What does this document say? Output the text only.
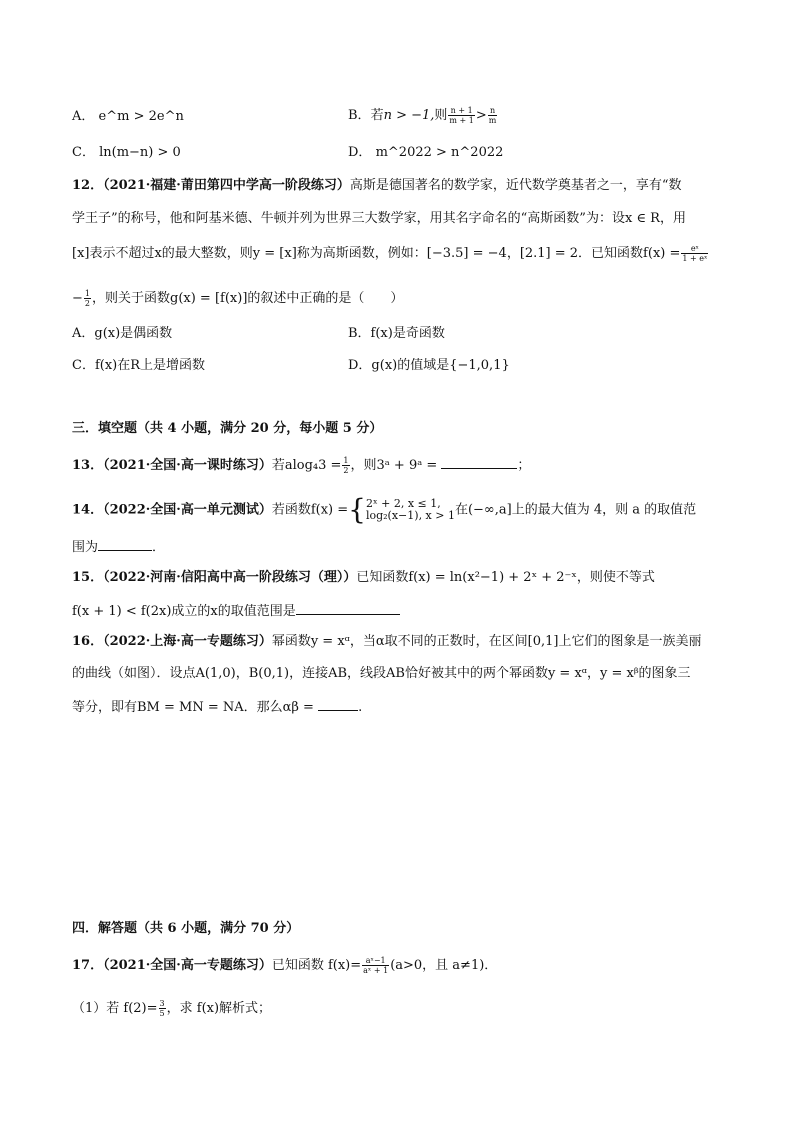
A． e^m > 2e^n	B．若n > −1,则 $\frac{n + 1}{m + 1} > \frac{n}{m}$
C． ln(m−n) > 0	D． m^2022 > n^2022
12．（2021·福建·莆田第四中学高一阶段练习）高斯是德国著名的数学家，近代数学奠基者之一，享有“数
学王子”的称号，他和阿基米德、牛顿并列为世界三大数学家，用其名字命名的“高斯函数”为：设x ∈ R，用
[x]表示不超过x的最大整数，则y = [x]称为高斯函数，例如：[−3.5] = −4，[2.1] = 2．已知函数$f(x) = \frac{\text{eˣ}}{\text{1 + eˣ}}$
− $\frac{1}{2}$ ，则关于函数g(x) = [f(x)]的叙述中正确的是（　　）
A．g(x)是偶函数	B．f(x)是奇函数
C．f(x)在R上是增函数	D．g(x)的值域是{−1,0,1}
三．填空题（共 4 小题，满分 20 分，每小题 5 分）
13．（2021·全国·高一课时练习）若$alog_43 = \frac{1}{2}$ ，则3ᵃ + 9ᵃ =	；
14．（2022·全国·高一单元测试）若函数f(x) ={ 2ˣ + 2, x ≤ 1,
log₂(x−1), x > 1 在(−∞,a]上的最大值为 4，则 a 的取值范
围为	．
15．（2022·河南·信阳高中高一阶段练习（理））已知函数f(x) = ln(x²−1) + 2ˣ + 2⁻ˣ，则使不等式
f(x + 1) < f(2x)成立的x的取值范围是
16．（2022·上海·高一专题练习）幂函数y = xᵅ，当α取不同的正数时，在区间[0,1]上它们的图象是一族美丽
的曲线（如图）．设点A(1,0)，B(0,1)，连接AB，线段AB恰好被其中的两个幂函数y = xᵅ，y = xᵝ的图象三
等分，即有BM = MN = NA．那么αβ =	.
四．解答题（共 6 小题，满分 70 分）
17．（2021·全国·高一专题练习）已知函数 $f(x)= \frac{\text{aˣ−1}}{\text{aˣ + 1}} (a>0$，且 a≠1)．
（1）若 $f(2)= \frac{3}{5}$ ，求 f(x)解析式；
